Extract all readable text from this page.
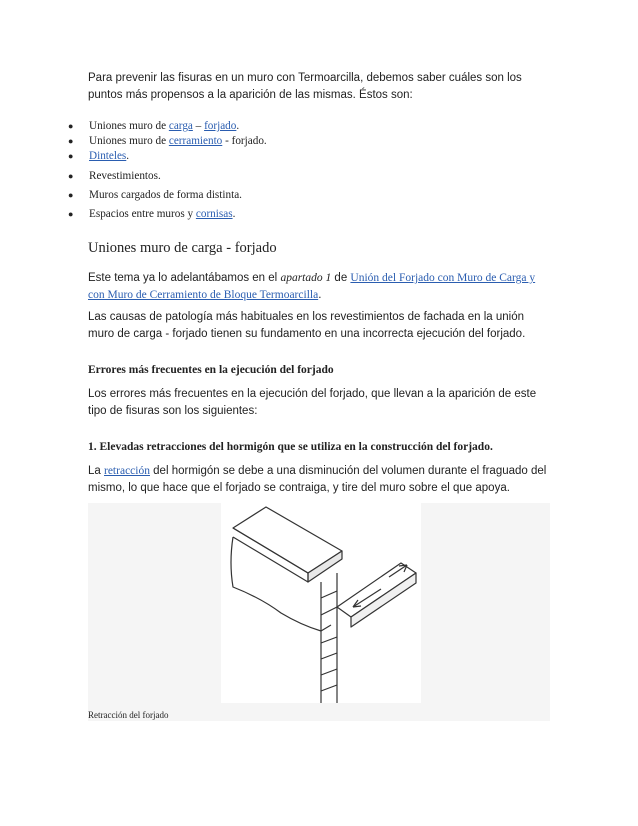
Para prevenir las fisuras en un muro con Termoarcilla, debemos saber cuáles son los puntos más propensos a la aparición de las mismas. Éstos son:
● Uniones muro de carga – forjado.
● Uniones muro de cerramiento - forjado.
● Dinteles.
● Revestimientos.
● Muros cargados de forma distinta.
● Espacios entre muros y cornisas.
Uniones muro de carga - forjado
Este tema ya lo adelantábamos en el apartado 1 de Unión del Forjado con Muro de Carga y con Muro de Cerramiento de Bloque Termoarcilla.
Las causas de patología más habituales en los revestimientos de fachada en la unión muro de carga - forjado tienen su fundamento en una incorrecta ejecución del forjado.
Errores más frecuentes en la ejecución del forjado
Los errores más frecuentes en la ejecución del forjado, que llevan a la aparición de este tipo de fisuras son los siguientes:
1. Elevadas retracciones del hormigón que se utiliza en la construcción del forjado.
La retracción del hormigón se debe a una disminución del volumen durante el fraguado del mismo, lo que hace que el forjado se contraiga, y tire del muro sobre el que apoya.
Retracción del forjado
